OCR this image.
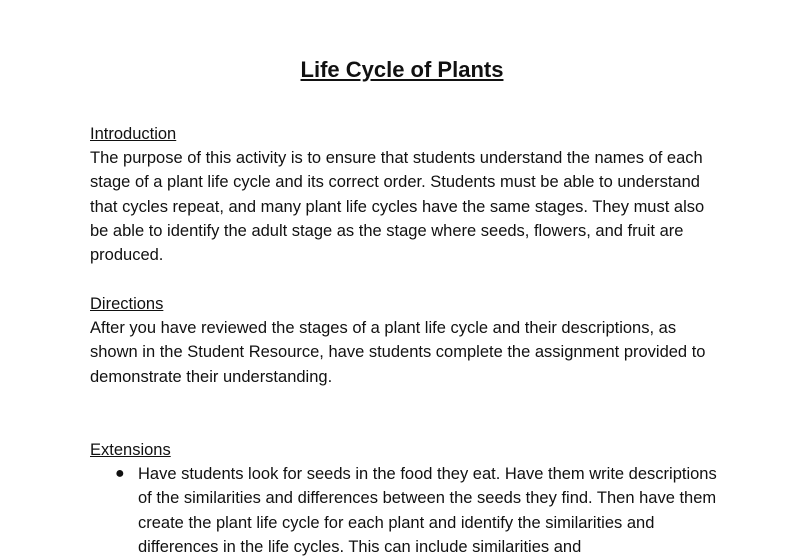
Life Cycle of Plants

Introduction

The purpose of this activity is to ensure that students understand the names of each stage of a plant life cycle and its correct order. Students must be able to understand that cycles repeat, and many plant life cycles have the same stages. They must also be able to identify the adult stage as the stage where seeds, flowers, and fruit are produced.

Directions

After you have reviewed the stages of a plant life cycle and their descriptions, as shown in the Student Resource, have students complete the assignment provided to demonstrate their understanding.

Extensions

● Have students look for seeds in the food they eat. Have them write descriptions of the similarities and differences between the seeds they find. Then have them create the plant life cycle for each plant and identify the similarities and differences in the life cycles. This can include similarities and
